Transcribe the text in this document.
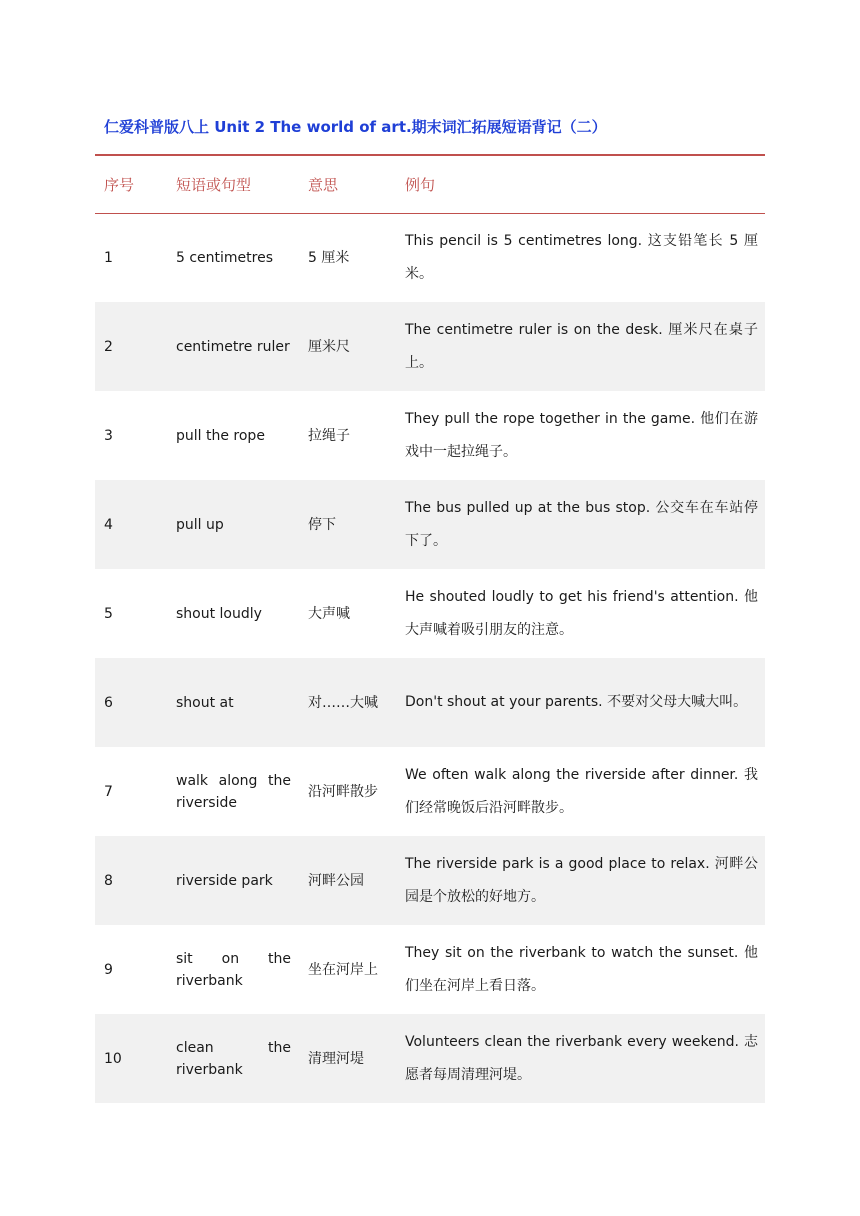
仁爱科普版八上 Unit 2 The world of art.期末词汇拓展短语背记（二）
序号	短语或句型	意思	例句
1	5 centimetres	5 厘米	This pencil is 5 centimetres long. 这支铅笔长 5 厘米。
2	centimetre ruler	厘米尺	The centimetre ruler is on the desk. 厘米尺在桌子上。
3	pull the rope	拉绳子	They pull the rope together in the game. 他们在游戏中一起拉绳子。
4	pull up	停下	The bus pulled up at the bus stop. 公交车在车站停下了。
5	shout loudly	大声喊	He shouted loudly to get his friend's attention. 他大声喊着吸引朋友的注意。
6	shout at	对……大喊	Don't shout at your parents. 不要对父母大喊大叫。
7	walk along the riverside	沿河畔散步	We often walk along the riverside after dinner. 我们经常晚饭后沿河畔散步。
8	riverside park	河畔公园	The riverside park is a good place to relax. 河畔公园是个放松的好地方。
9	sit on the riverbank	坐在河岸上	They sit on the riverbank to watch the sunset. 他们坐在河岸上看日落。
10	clean the riverbank	清理河堤	Volunteers clean the riverbank every weekend. 志愿者每周清理河堤。
